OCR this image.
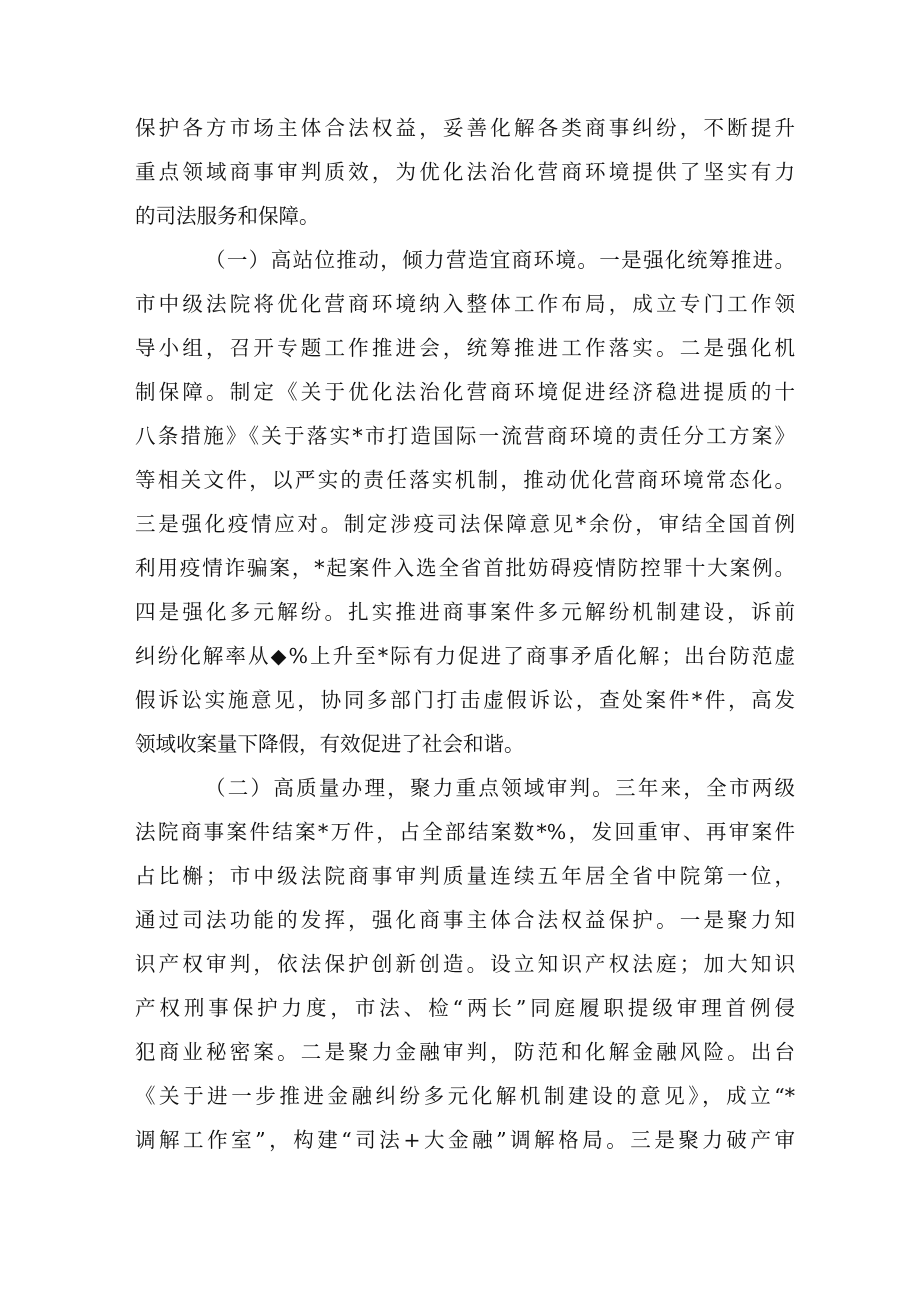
保护各方市场主体合法权益，妥善化解各类商事纠纷，不断提升
重点领域商事审判质效，为优化法治化营商环境提供了坚实有力
的司法服务和保障。
（一）高站位推动，倾力营造宜商环境。一是强化统筹推进。
市中级法院将优化营商环境纳入整体工作布局，成立专门工作领
导小组，召开专题工作推进会，统筹推进工作落实。二是强化机
制保障。制定《关于优化法治化营商环境促进经济稳进提质的十
八条措施》《关于落实*市打造国际一流营商环境的责任分工方案》
等相关文件，以严实的责任落实机制，推动优化营商环境常态化。
三是强化疫情应对。制定涉疫司法保障意见*余份，审结全国首例
利用疫情诈骗案，*起案件入选全省首批妨碍疫情防控罪十大案例。
四是强化多元解纷。扎实推进商事案件多元解纷机制建设，诉前
纠纷化解率从◆%上升至*际有力促进了商事矛盾化解；出台防范虚
假诉讼实施意见，协同多部门打击虚假诉讼，查处案件*件，高发
领域收案量下降假，有效促进了社会和谐。
（二）高质量办理，聚力重点领域审判。三年来，全市两级
法院商事案件结案*万件，占全部结案数*%，发回重审、再审案件
占比槲；市中级法院商事审判质量连续五年居全省中院第一位，
通过司法功能的发挥，强化商事主体合法权益保护。一是聚力知
识产权审判，依法保护创新创造。设立知识产权法庭；加大知识
产权刑事保护力度，市法、检“两长”同庭履职提级审理首例侵
犯商业秘密案。二是聚力金融审判，防范和化解金融风险。出台
《关于进一步推进金融纠纷多元化解机制建设的意见》，成立“*
调解工作室”，构建“司法+大金融”调解格局。三是聚力破产审
